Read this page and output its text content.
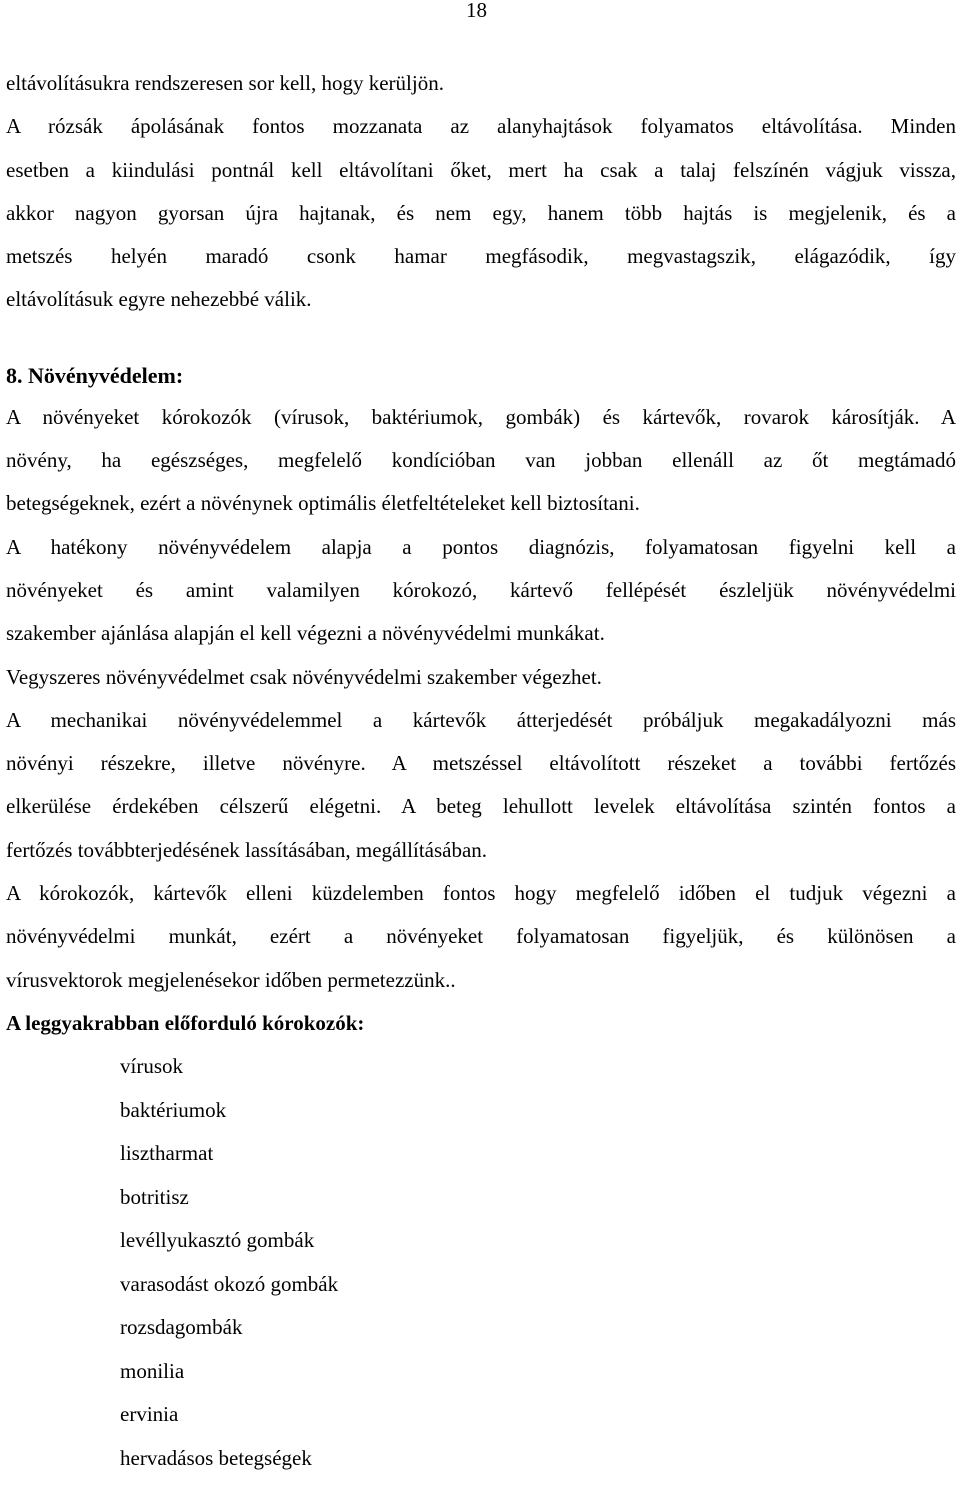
18
eltávolításukra rendszeresen sor kell, hogy kerüljön.
A rózsák ápolásának fontos mozzanata az alanyhajtások folyamatos eltávolítása. Minden
esetben a kiindulási pontnál kell eltávolítani őket, mert ha csak a talaj felszínén vágjuk vissza,
akkor nagyon gyorsan újra hajtanak, és nem egy, hanem több hajtás is megjelenik, és a
metszés helyén maradó csonk hamar megfásodik, megvastagszik, elágazódik, így
eltávolításuk egyre nehezebbé válik.
8. Növényvédelem:
A növényeket kórokozók (vírusok, baktériumok, gombák) és kártevők, rovarok károsítják. A
növény, ha egészséges, megfelelő kondícióban van jobban ellenáll az őt megtámadó
betegségeknek, ezért a növénynek optimális életfeltételeket kell biztosítani.
A hatékony növényvédelem alapja a pontos diagnózis, folyamatosan figyelni kell a
növényeket és amint valamilyen kórokozó, kártevő fellépését észleljük növényvédelmi
szakember ajánlása alapján el kell végezni a növényvédelmi munkákat.
Vegyszeres növényvédelmet csak növényvédelmi szakember végezhet.
A mechanikai növényvédelemmel a kártevők átterjedését próbáljuk megakadályozni más
növényi részekre, illetve növényre. A metszéssel eltávolított részeket a további fertőzés
elkerülése érdekében célszerű elégetni. A beteg lehullott levelek eltávolítása szintén fontos a
fertőzés továbbterjedésének lassításában, megállításában.
A kórokozók, kártevők elleni küzdelemben fontos hogy megfelelő időben el tudjuk végezni a
növényvédelmi munkát, ezért a növényeket folyamatosan figyeljük, és különösen a
vírusvektorok megjelenésekor időben permetezzünk..
A leggyakrabban előforduló kórokozók:
vírusok
baktériumok
lisztharmat
botritisz
levéllyukasztó gombák
varasodást okozó gombák
rozsdagombák
monilia
ervinia
hervadásos betegségek
